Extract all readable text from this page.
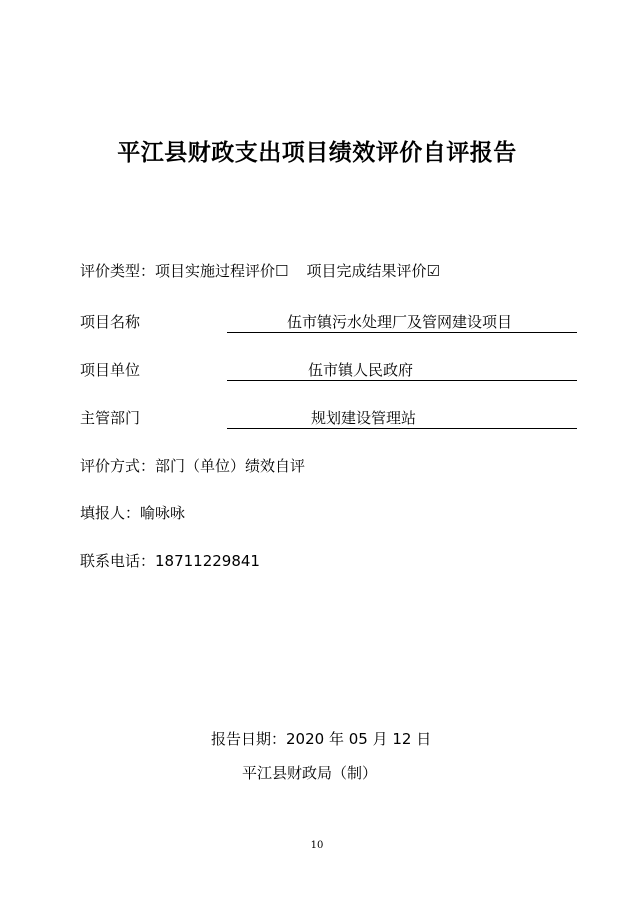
平江县财政支出项目绩效评价自评报告
评价类型：项目实施过程评价☐ 项目完成结果评价☑
项目名称	伍市镇污水处理厂及管网建设项目
项目单位	伍市镇人民政府
主管部门	规划建设管理站
评价方式：部门（单位）绩效自评
填报人：喻咏咏
联系电话：18711229841
报告日期：2020 年 05 月 12 日
平江县财政局（制）
10
